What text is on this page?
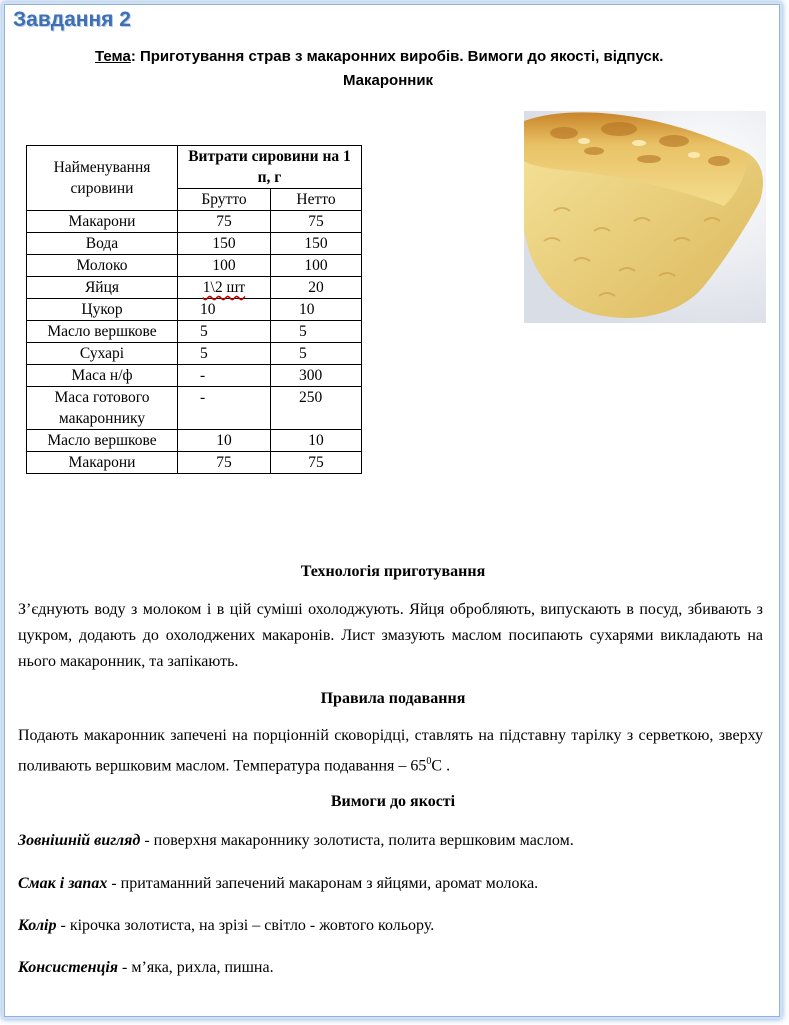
Завдання 2

Тема: Приготування страв з макаронних виробів. Вимоги до якості, відпуск.
Макаронник

Найменування сировини	Витрати сировини на 1 п, г	
	Брутто	Нетто
Макарони	75	75
Вода	150	150
Молоко	100	100
Яйця	1\2 шт	20
Цукор	10	10
Масло вершкове	5	5
Сухарі	5	5
Маса н/ф	-	300
Маса готового макароннику	-	250
Масло вершкове	10	10
Макарони	75	75
Технологія приготування

З’єднують воду з молоком і в цій суміші охолоджують. Яйця обробляють, випускають в посуд, збивають з цукром, додають до охолоджених макаронів. Лист змазують маслом посипають сухарями викладають на нього макаронник, та запікають.

Правила подавання

Подають макаронник запечені на порціонній сковорідці, ставлять на підставну тарілку з серветкою, зверху поливають вершковим маслом. Температура подавання – $65^0С$ .

Вимоги до якості

Зовнішній вигляд - поверхня макароннику золотиста, полита вершковим маслом.

Смак і запах - притаманний запечений макаронам з яйцями, аромат молока.

Колір - кірочка золотиста, на зрізі – світло - жовтого кольору.

Консистенція - м’яка, рихла, пишна.
